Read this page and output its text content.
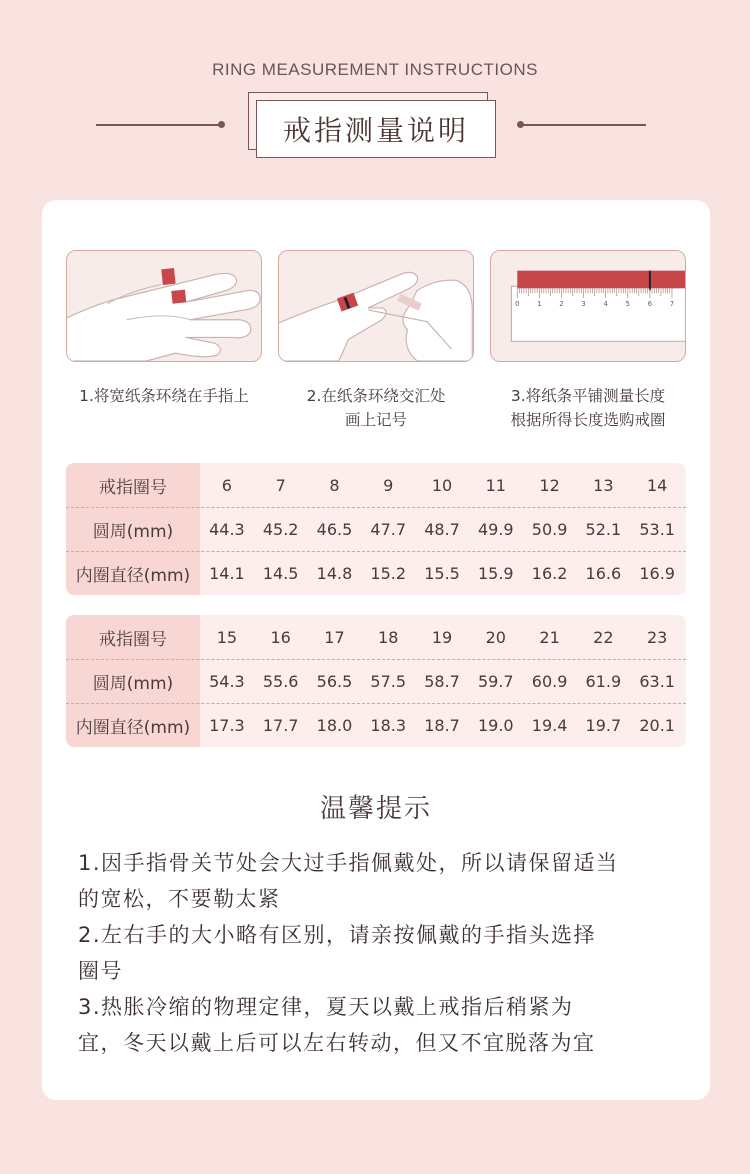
RING MEASUREMENT INSTRUCTIONS
戒指测量说明
1.将宽纸条环绕在手指上	2.在纸条环绕交汇处
画上记号
0	1	2	3	4	5	6	7
3.将纸条平铺测量长度
根据所得长度选购戒圈
戒指圈号	6	7	8	9	10	11	12	13	14
圆周(mm)	44.3	45.2	46.5	47.7	48.7	49.9	50.9	52.1	53.1
内圈直径(mm)	14.1	14.5	14.8	15.2	15.5	15.9	16.2	16.6	16.9
戒指圈号	15	16	17	18	19	20	21	22	23
圆周(mm)	54.3	55.6	56.5	57.5	58.7	59.7	60.9	61.9	63.1
内圈直径(mm)	17.3	17.7	18.0	18.3	18.7	19.0	19.4	19.7	20.1
温馨提示
1.因手指骨关节处会大过手指佩戴处，所以请保留适当
的宽松，不要勒太紧
2.左右手的大小略有区别，请亲按佩戴的手指头选择
圈号
3.热胀冷缩的物理定律，夏天以戴上戒指后稍紧为
宜，冬天以戴上后可以左右转动，但又不宜脱落为宜
